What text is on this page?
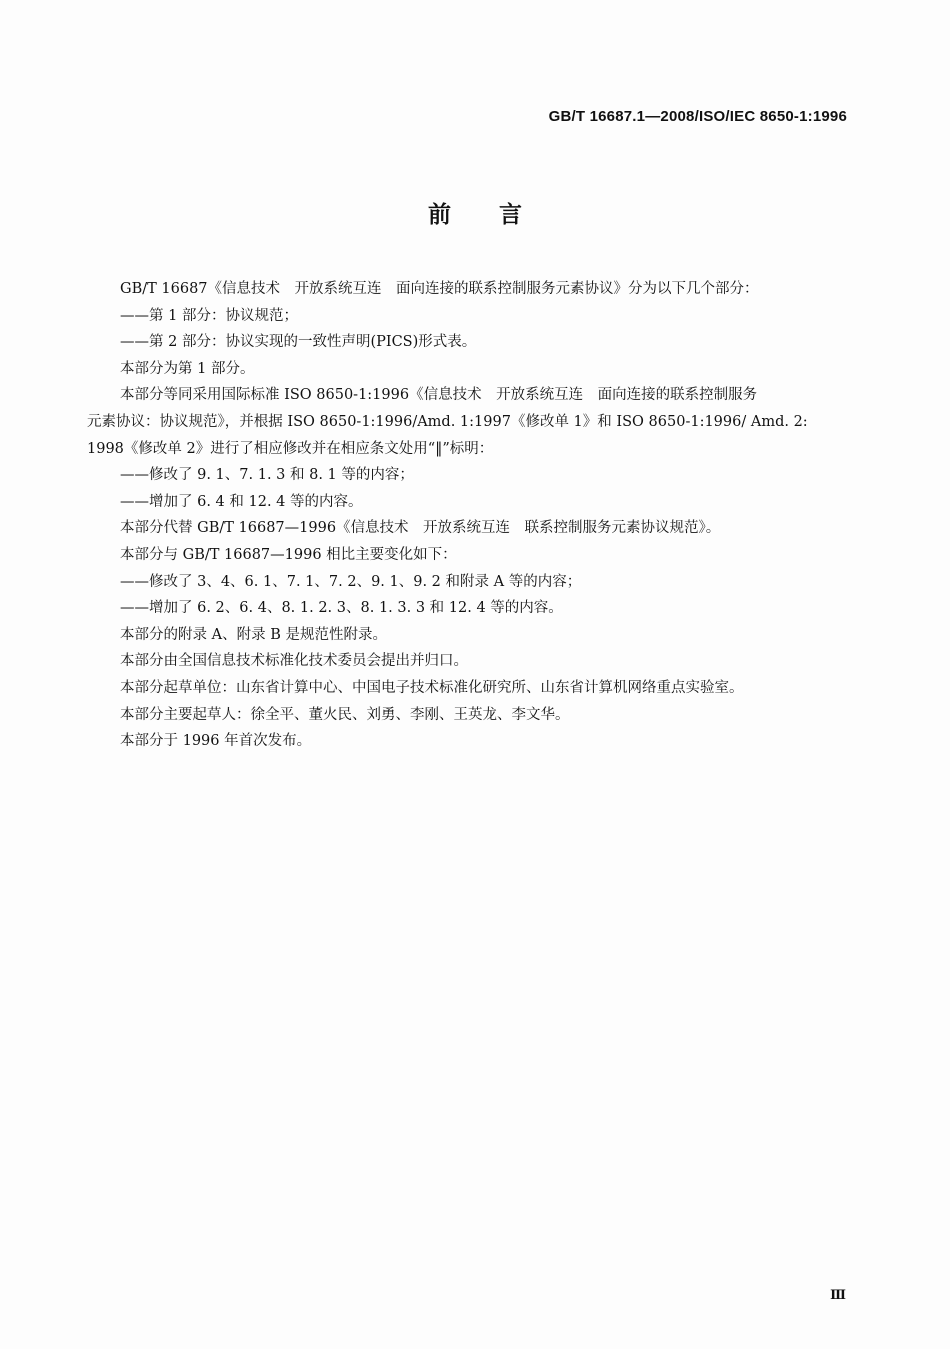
GB/T 16687.1—2008/ISO/IEC 8650-1:1996
前言
GB/T 16687《信息技术　开放系统互连　面向连接的联系控制服务元素协议》分为以下几个部分：
——第 1 部分：协议规范；
——第 2 部分：协议实现的一致性声明(PICS)形式表。
本部分为第 1 部分。
本部分等同采用国际标准 ISO 8650-1:1996《信息技术　开放系统互连　面向连接的联系控制服务
元素协议：协议规范》，并根据 ISO 8650-1:1996/Amd. 1:1997《修改单 1》和 ISO 8650-1:1996/ Amd. 2:
1998《修改单 2》进行了相应修改并在相应条文处用“‖”标明：
——修改了 9. 1、7. 1. 3 和 8. 1 等的内容；
——增加了 6. 4 和 12. 4 等的内容。
本部分代替 GB/T 16687—1996《信息技术　开放系统互连　联系控制服务元素协议规范》。
本部分与 GB/T 16687—1996 相比主要变化如下：
——修改了 3、4、6. 1、7. 1、7. 2、9. 1、9. 2 和附录 A 等的内容；
——增加了 6. 2、6. 4、8. 1. 2. 3、8. 1. 3. 3 和 12. 4 等的内容。
本部分的附录 A、附录 B 是规范性附录。
本部分由全国信息技术标准化技术委员会提出并归口。
本部分起草单位：山东省计算中心、中国电子技术标准化研究所、山东省计算机网络重点实验室。
本部分主要起草人：徐全平、董火民、刘勇、李刚、王英龙、李文华。
本部分于 1996 年首次发布。
Ⅲ
